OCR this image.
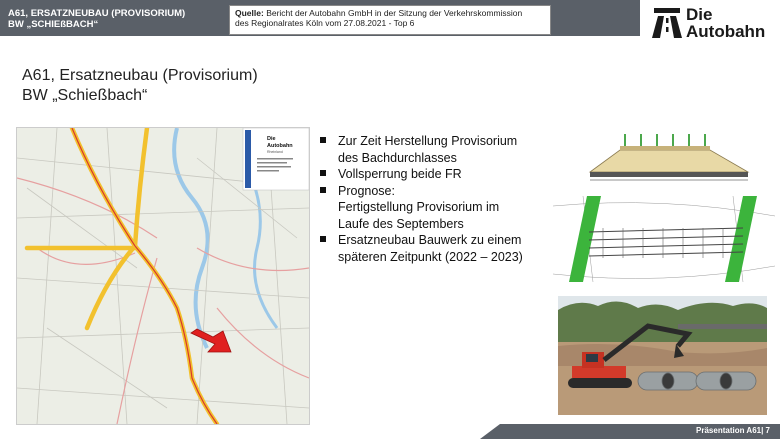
A61, ERSATZNEUBAU (PROVISORIUM)
BW „SCHIEßBACH“
Quelle: Bericht der Autobahn GmbH in der Sitzung der Verkehrskommission
des Regionalrates Köln vom 27.08.2021 - Top 6	Die
Autobahn
A61, Ersatzneubau (Provisorium)
BW „Schießbach“
Die
Autobahn
Rheinland
Zur Zeit Herstellung Provisorium
des Bachdurchlasses
Vollsperrung beide FR
Prognose:
Fertigstellung Provisorium im
Laufe des Septembers
Ersatzneubau Bauwerk zu einem
späteren Zeitpunkt (2022 – 2023)
Präsentation A61| 7
